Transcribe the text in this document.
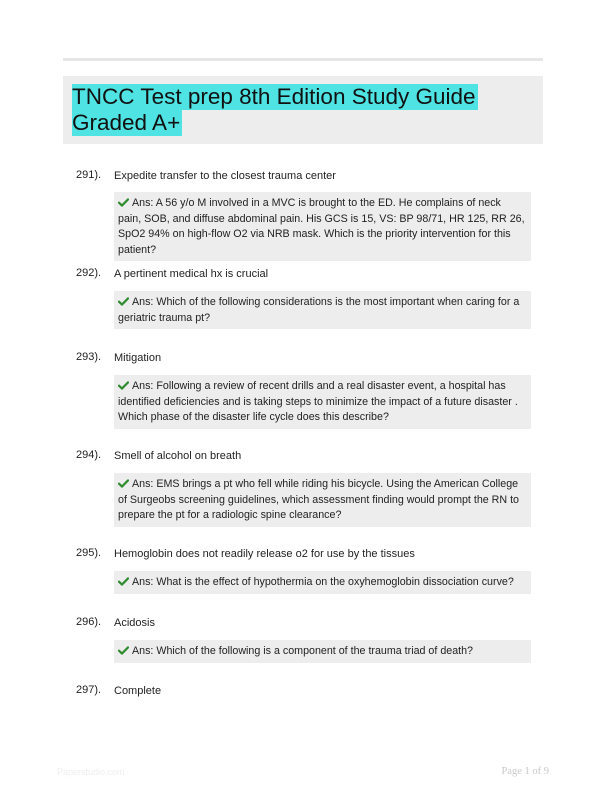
TNCC Test prep 8th Edition Study Guide Graded A+
291). Expedite transfer to the closest trauma center
Ans: A 56 y/o M involved in a MVC is brought to the ED. He complains of neck pain, SOB, and diffuse abdominal pain. His GCS is 15, VS: BP 98/71, HR 125, RR 26, SpO2 94% on high-flow O2 via NRB mask. Which is the priority intervention for this patient?
292). A pertinent medical hx is crucial
Ans: Which of the following considerations is the most important when caring for a geriatric trauma pt?
293). Mitigation
Ans: Following a review of recent drills and a real disaster event, a hospital has identified deficiencies and is taking steps to minimize the impact of a future disaster . Which phase of the disaster life cycle does this describe?
294). Smell of alcohol on breath
Ans: EMS brings a pt who fell while riding his bicycle. Using the American College of Surgeobs screening guidelines, which assessment finding would prompt the RN to prepare the pt for a radiologic spine clearance?
295). Hemoglobin does not readily release o2 for use by the tissues
Ans: What is the effect of hypothermia on the oxyhemoglobin dissociation curve?
296). Acidosis
Ans: Which of the following is a component of the trauma triad of death?
297). Complete
Paperstudio.com	Page 1 of 9
